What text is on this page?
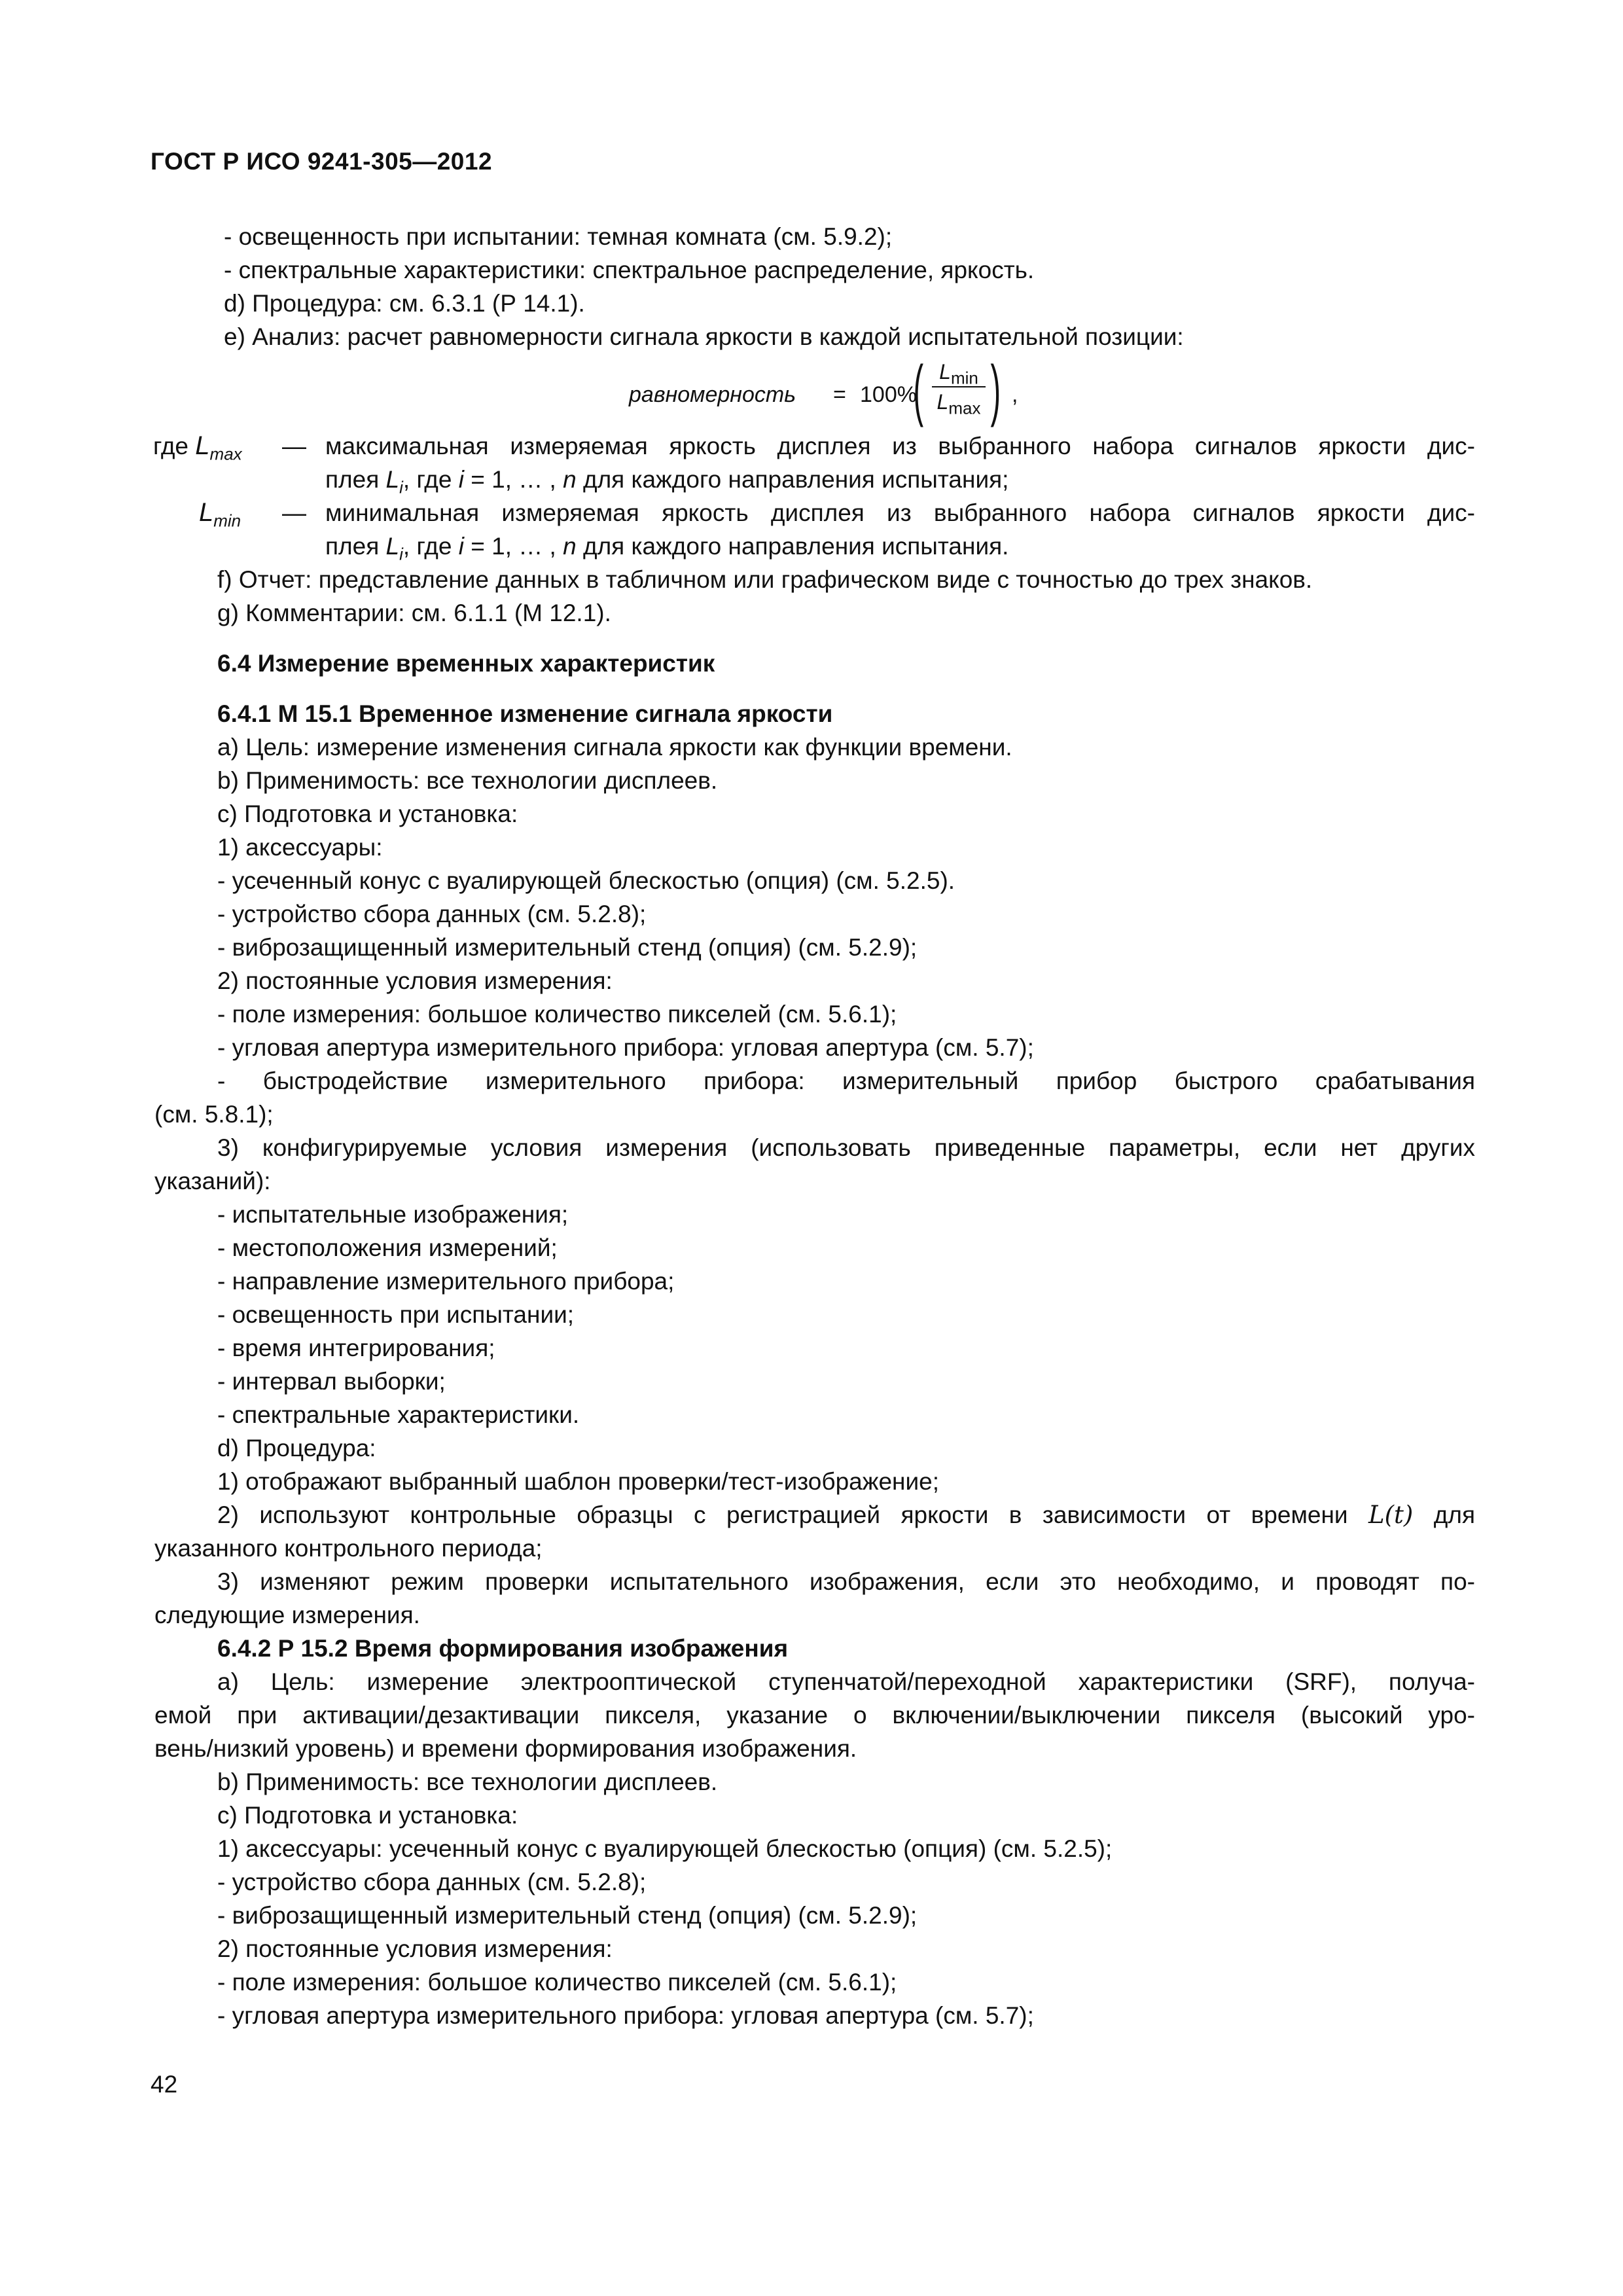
ГОСТ Р ИСО 9241-305—2012
- освещенность при испытании: темная комната (см. 5.9.2);
- спектральные характеристики: спектральное распределение, яркость.
d) Процедура: см. 6.3.1 (Р 14.1).
e) Анализ: расчет равномерности сигнала яркости в каждой испытательной позиции:
равномерность = 100%
( $L_{min}$
$L_{max}$ ) ,
где $L_{max}$	— максимальная измеряемая яркость дисплея из выбранного набора сигналов яркости дис-
плея $L_i$, где i = 1, … , n для каждого направления испытания;
$L_{min}$	— минимальная измеряемая яркость дисплея из выбранного набора сигналов яркости дис-
плея $L_i$, где i = 1, … , n для каждого направления испытания.
f) Отчет: представление данных в табличном или графическом виде с точностью до трех знаков.
g) Комментарии: см. 6.1.1 (М 12.1).
6.4 Измерение временных характеристик
6.4.1 М 15.1 Временное изменение сигнала яркости
а) Цель: измерение изменения сигнала яркости как функции времени.
b) Применимость: все технологии дисплеев.
c) Подготовка и установка:
1) аксессуары:
- усеченный конус с вуалирующей блескостью (опция) (см. 5.2.5).
- устройство сбора данных (см. 5.2.8);
- виброзащищенный измерительный стенд (опция) (см. 5.2.9);
2) постоянные условия измерения:
- поле измерения: большое количество пикселей (см. 5.6.1);
- угловая апертура измерительного прибора: угловая апертура (см. 5.7);
- быстродействие измерительного прибора: измерительный прибор быстрого срабатывания
(см. 5.8.1);
3) конфигурируемые условия измерения (использовать приведенные параметры, если нет других
указаний):
- испытательные изображения;
- местоположения измерений;
- направление измерительного прибора;
- освещенность при испытании;
- время интегрирования;
- интервал выборки;
- спектральные характеристики.
d) Процедура:
1) отображают выбранный шаблон проверки/тест-изображение;
2) используют контрольные образцы с регистрацией яркости в зависимости от времени L(t) для
указанного контрольного периода;
3) изменяют режим проверки испытательного изображения, если это необходимо, и проводят по-
следующие измерения.
6.4.2 Р 15.2 Время формирования изображения
а) Цель: измерение электрооптической ступенчатой/переходной характеристики (SRF), получа-
емой при активации/дезактивации пикселя, указание о включении/выключении пикселя (высокий уро-
вень/низкий уровень) и времени формирования изображения.
b) Применимость: все технологии дисплеев.
c) Подготовка и установка:
1) аксессуары: усеченный конус с вуалирующей блескостью (опция) (см. 5.2.5);
- устройство сбора данных (см. 5.2.8);
- виброзащищенный измерительный стенд (опция) (см. 5.2.9);
2) постоянные условия измерения:
- поле измерения: большое количество пикселей (см. 5.6.1);
- угловая апертура измерительного прибора: угловая апертура (см. 5.7);
42
